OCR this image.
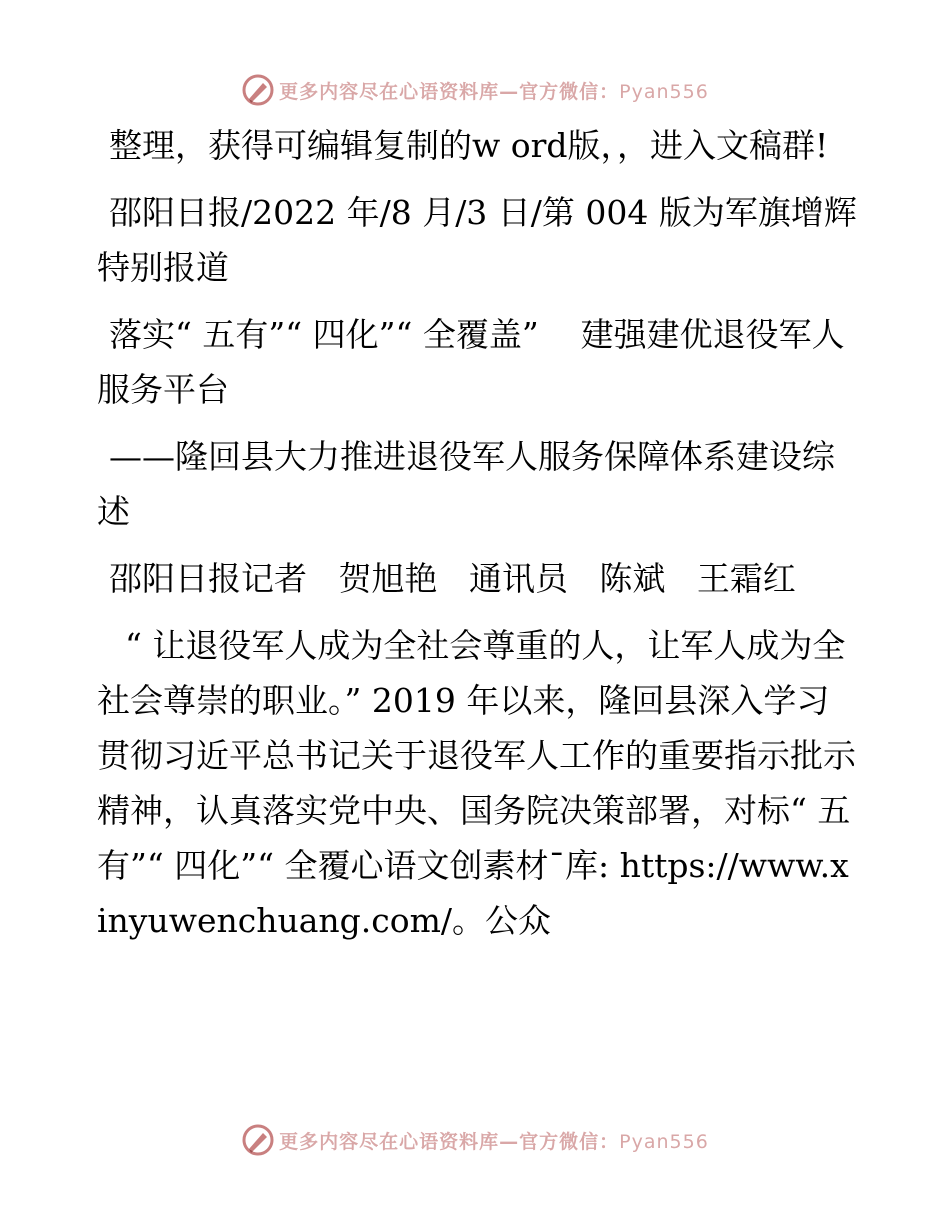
更多内容尽在心语资料库—官方微信：Pyan556

整理，获得可编辑复制的w ord版，，进入文稿群!

邵阳日报/2022 年/8 月/3 日/第 004 版为军旗增辉特别报道

落实“ 五有”“ 四化”“ 全覆盖”    建强建优退役军人服务平台

——隆回县大力推进退役军人服务保障体系建设综述

邵阳日报记者   贺旭艳   通讯员   陈斌   王霜红

“ 让退役军人成为全社会尊重的人，让军人成为全社会尊崇的职业。” 2019 年以来，隆回县深入学习贯彻习近平总书记关于退役军人工作的重要指示批示精神，认真落实党中央、国务院决策部署，对标“ 五有”“ 四化”“ 全覆心语文创素材¯库: https://www.xinyuwenchuang.com/。公众

更多内容尽在心语资料库—官方微信：Pyan556
